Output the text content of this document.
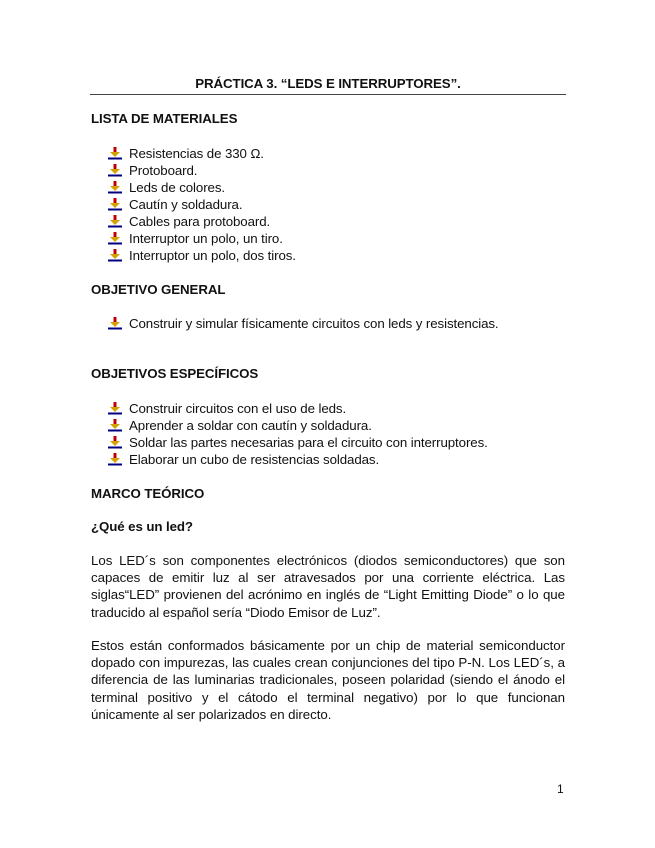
PRÁCTICA 3. “LEDS E INTERRUPTORES”.
LISTA DE MATERIALES
Resistencias de 330 Ω.
Protoboard.
Leds de colores.
Cautín y soldadura.
Cables para protoboard.
Interruptor un polo, un tiro.
Interruptor un polo, dos tiros.
OBJETIVO GENERAL
Construir y simular físicamente circuitos con leds y resistencias.
OBJETIVOS ESPECÍFICOS
Construir circuitos con el uso de leds.
Aprender a soldar con cautín y soldadura.
Soldar las partes necesarias para el circuito con interruptores.
Elaborar un cubo de resistencias soldadas.
MARCO TEÓRICO
¿Qué es un led?

Los LED´s son componentes electrónicos (diodos semiconductores) que son capaces de emitir luz al ser atravesados por una corriente eléctrica. Las siglas“LED” provienen del acrónimo en inglés de “Light Emitting Diode” o lo que traducido al español sería “Diodo Emisor de Luz”.

Estos están conformados básicamente por un chip de material semiconductor dopado con impurezas, las cuales crean conjunciones del tipo P-N. Los LED´s, a diferencia de las luminarias tradicionales, poseen polaridad (siendo el ánodo el terminal positivo y el cátodo el terminal negativo) por lo que funcionan únicamente al ser polarizados en directo.

1
